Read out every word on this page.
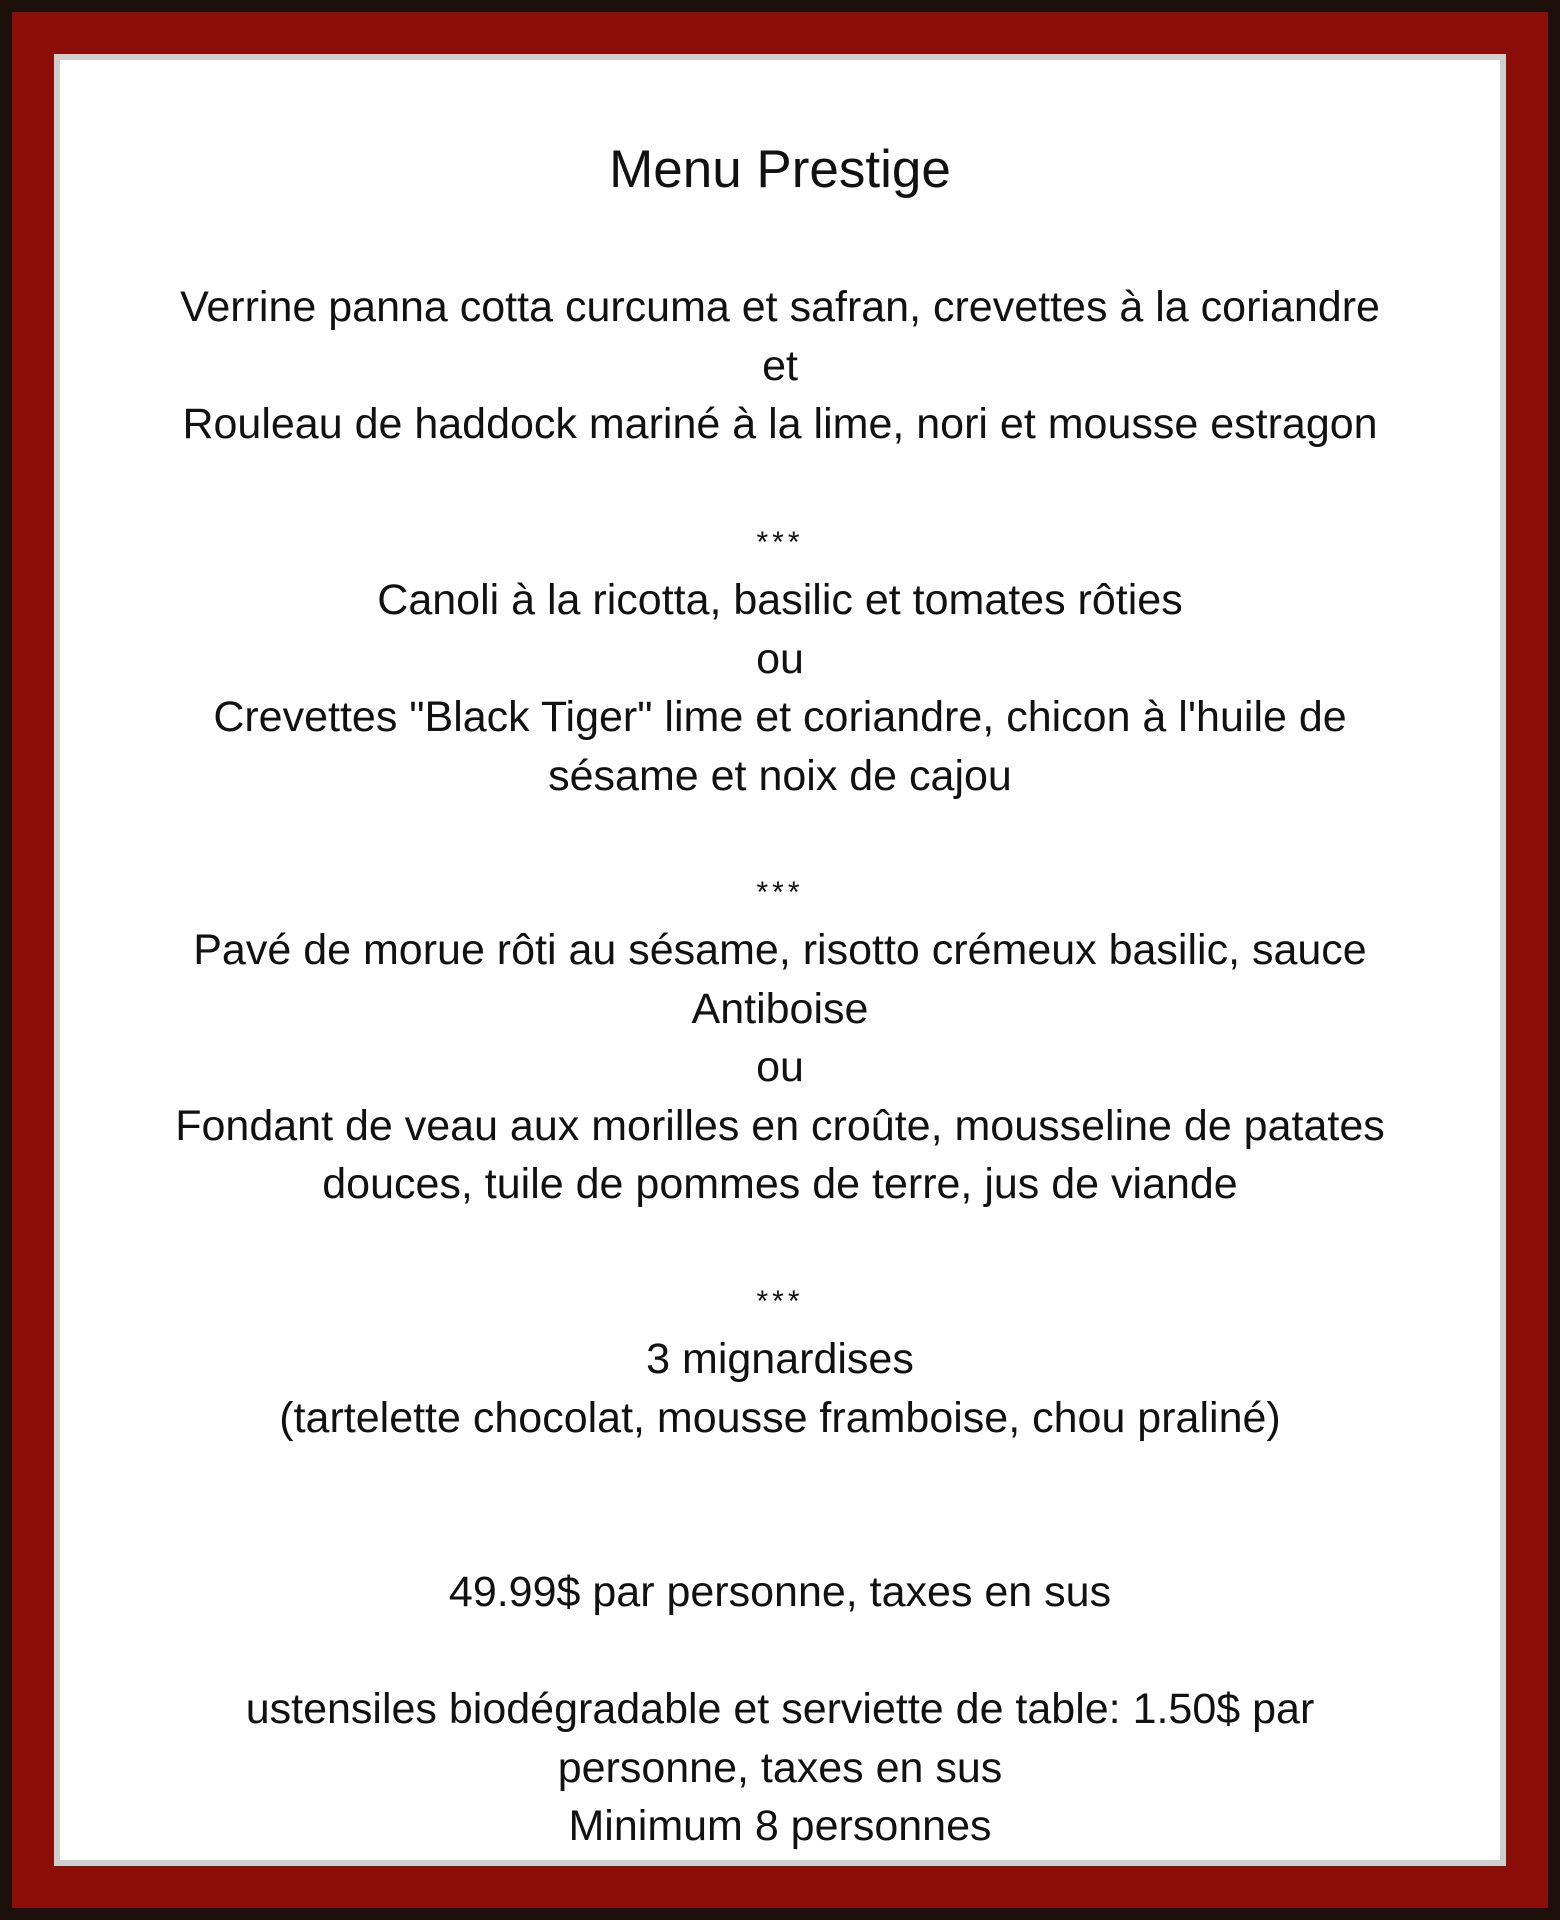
Menu Prestige
Verrine panna cotta curcuma et safran, crevettes à la coriandre
et
Rouleau de haddock mariné à la lime, nori et mousse estragon
***
Canoli à la ricotta, basilic et tomates rôties
ou
Crevettes "Black Tiger" lime et coriandre, chicon à l'huile de
sésame et noix de cajou
***
Pavé de morue rôti au sésame, risotto crémeux basilic, sauce
Antiboise
ou
Fondant de veau aux morilles en croûte, mousseline de patates
douces, tuile de pommes de terre, jus de viande
***
3 mignardises
(tartelette chocolat, mousse framboise, chou praliné)
49.99$ par personne, taxes en sus
ustensiles biodégradable et serviette de table: 1.50$ par
personne, taxes en sus
Minimum 8 personnes
